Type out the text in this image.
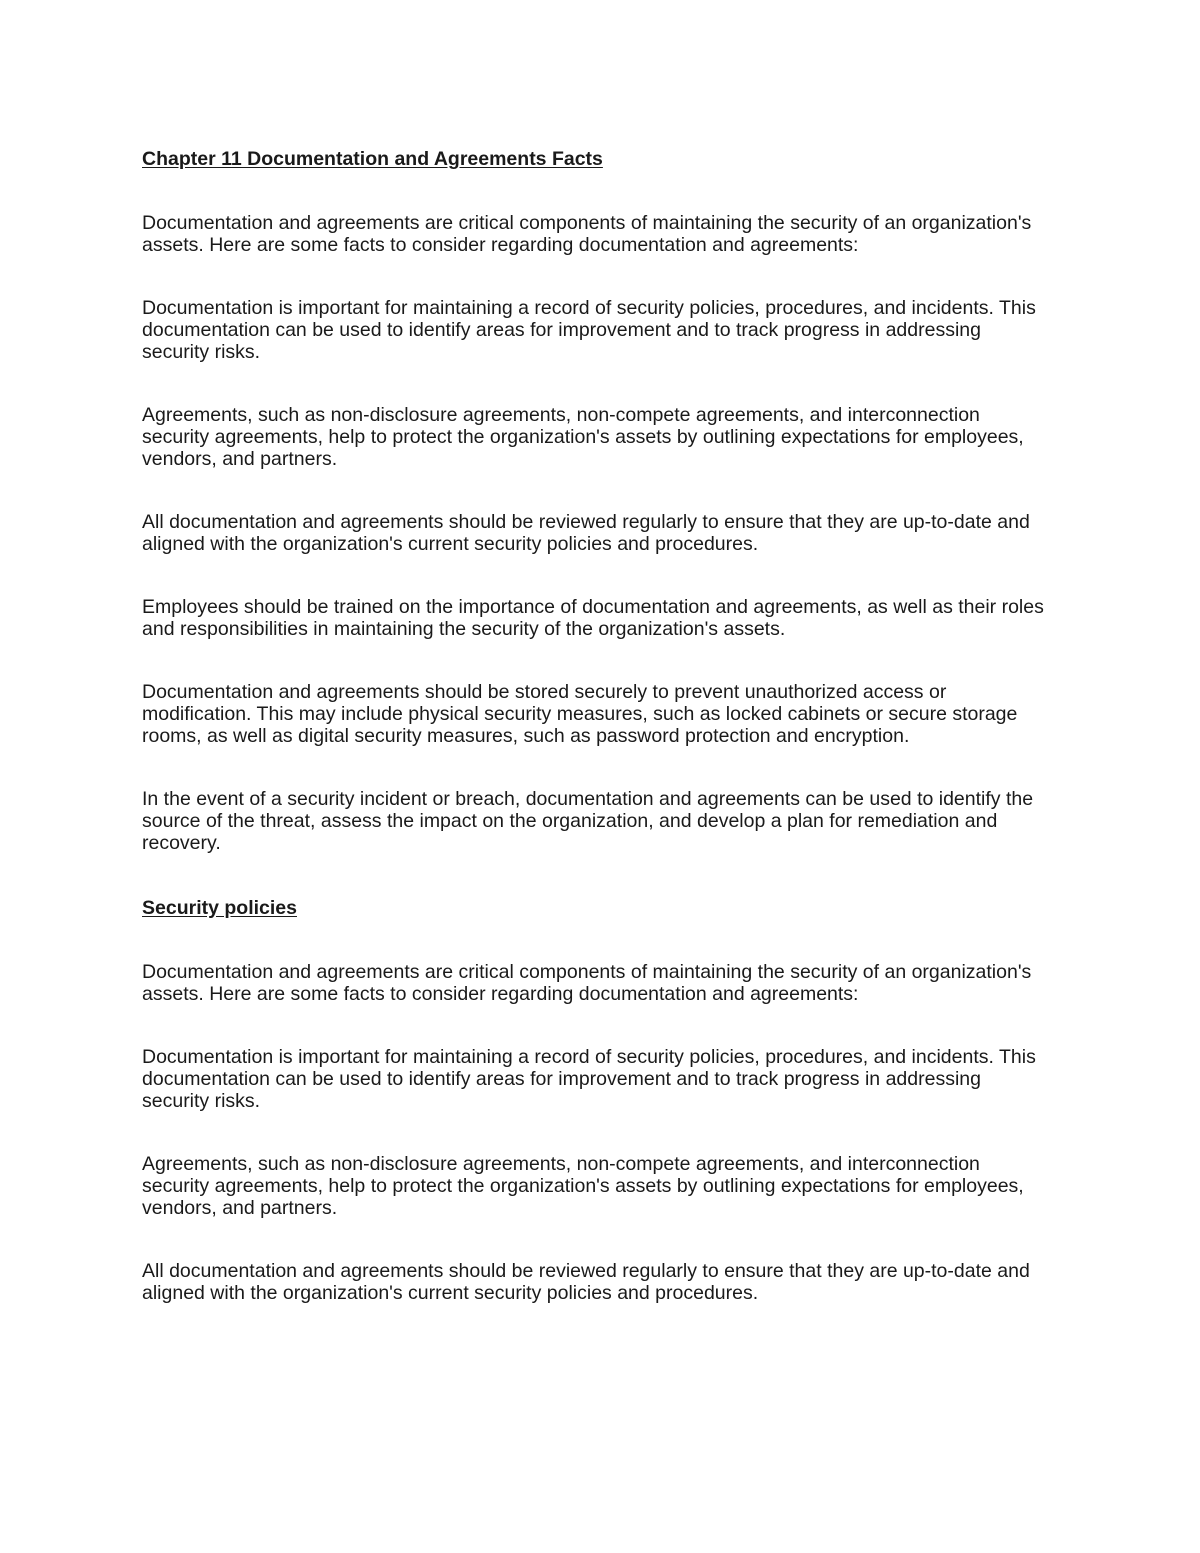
Chapter 11 Documentation and Agreements Facts

Documentation and agreements are critical components of maintaining the security of an organization's assets. Here are some facts to consider regarding documentation and agreements:

Documentation is important for maintaining a record of security policies, procedures, and incidents. This documentation can be used to identify areas for improvement and to track progress in addressing security risks.

Agreements, such as non-disclosure agreements, non-compete agreements, and interconnection security agreements, help to protect the organization's assets by outlining expectations for employees, vendors, and partners.

All documentation and agreements should be reviewed regularly to ensure that they are up-to-date and aligned with the organization's current security policies and procedures.

Employees should be trained on the importance of documentation and agreements, as well as their roles and responsibilities in maintaining the security of the organization's assets.

Documentation and agreements should be stored securely to prevent unauthorized access or modification. This may include physical security measures, such as locked cabinets or secure storage rooms, as well as digital security measures, such as password protection and encryption.

In the event of a security incident or breach, documentation and agreements can be used to identify the source of the threat, assess the impact on the organization, and develop a plan for remediation and recovery.

Security policies

Documentation and agreements are critical components of maintaining the security of an organization's assets. Here are some facts to consider regarding documentation and agreements:

Documentation is important for maintaining a record of security policies, procedures, and incidents. This documentation can be used to identify areas for improvement and to track progress in addressing security risks.

Agreements, such as non-disclosure agreements, non-compete agreements, and interconnection security agreements, help to protect the organization's assets by outlining expectations for employees, vendors, and partners.

All documentation and agreements should be reviewed regularly to ensure that they are up-to-date and aligned with the organization's current security policies and procedures.
